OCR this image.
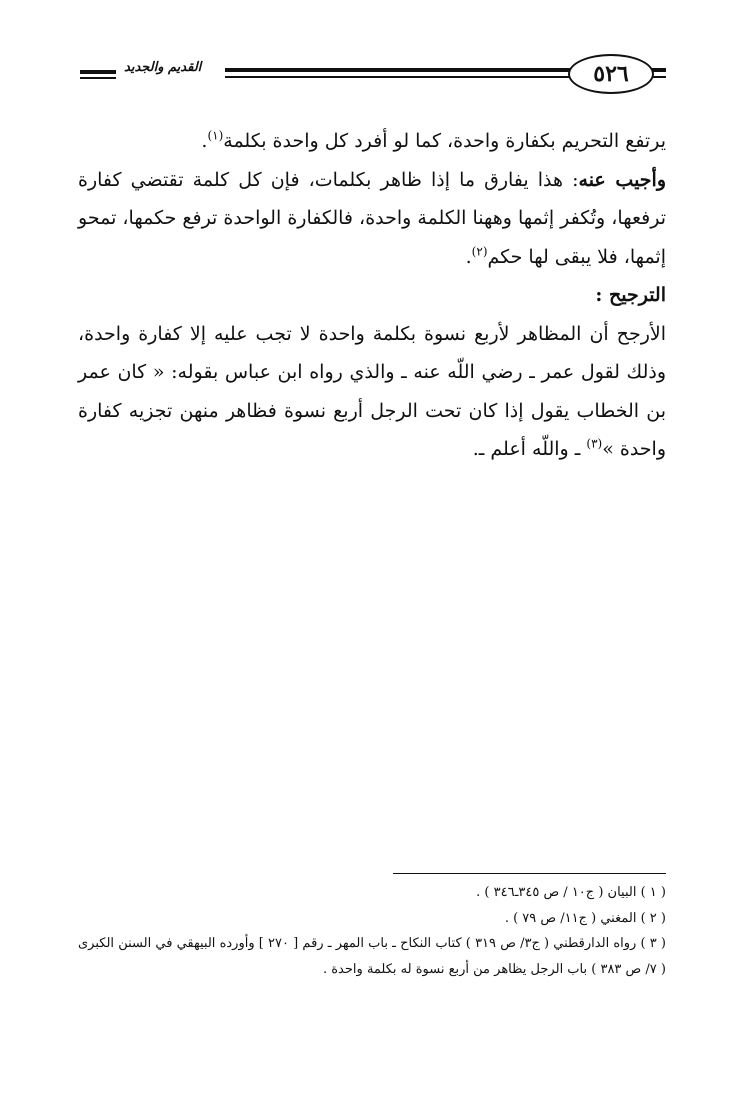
القديم والجديد	٥٢٦

يرتفع التحريم بكفارة واحدة، كما لو أفرد كل واحدة بكلمة$^{(١)}$.

وأجيب عنه: هذا يفارق ما إذا ظاهر بكلمات، فإن كل كلمة تقتضي كفارة ترفعها، وتُكفر إثمها وههنا الكلمة واحدة، فالكفارة الواحدة ترفع حكمها، تمحو إثمها، فلا يبقى لها حكم$^{(٢)}$.

الترجيح :

الأرجح أن المظاهر لأربع نسوة بكلمة واحدة لا تجب عليه إلا كفارة واحدة، وذلك لقول عمر ـ رضي اللّه عنه ـ والذي رواه ابن عباس بقوله: « كان عمر بن الخطاب يقول إذا كان تحت الرجل أربع نسوة فظاهر منهن تجزيه كفارة واحدة »$^{(٣)}$ ـ واللّه أعلم ـ.

( ١ ) البيان ( ج١٠ / ص ٣٤٥ـ٣٤٦ ) .

( ٢ ) المغني ( ج١١/ ص ٧٩ ) .

( ٣ ) رواه الدارقطني ( ج٣/ ص ٣١٩ ) كتاب النكاح ـ باب المهر ـ رقم [ ٢٧٠ ] وأورده البيهقي في السنن الكبرى ( ٧/ ص ٣٨٣ ) باب الرجل يظاهر من أربع نسوة له بكلمة واحدة .
